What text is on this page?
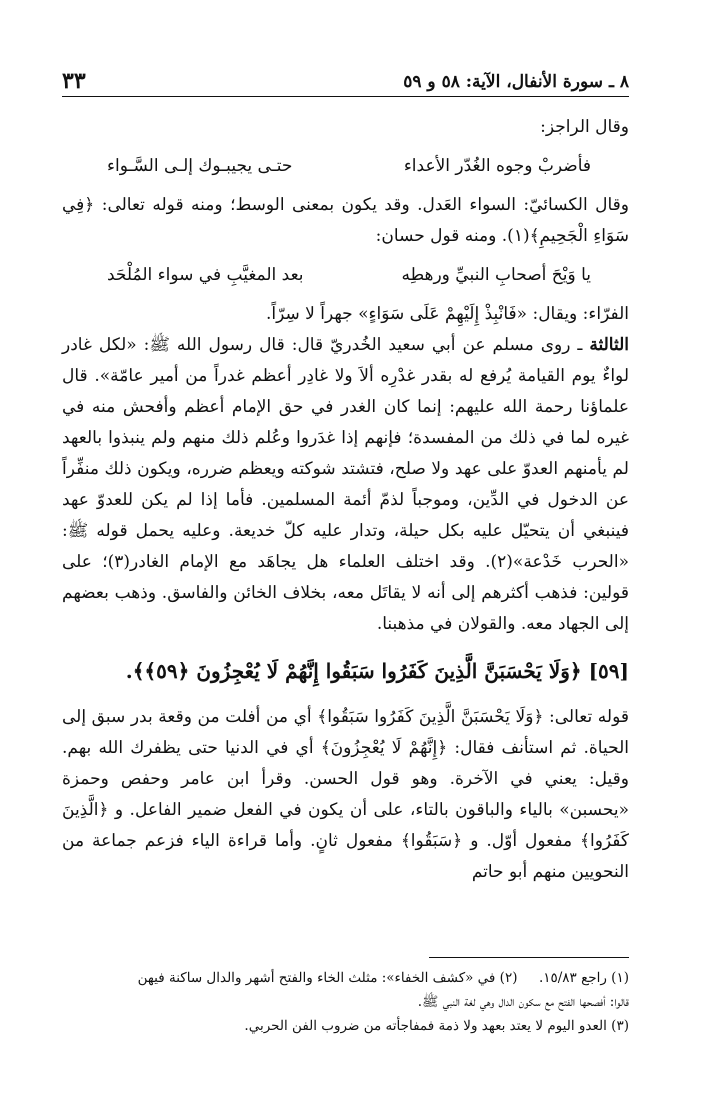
٨ ـ سورة الأنفال، الآية: ٥٨ و ٥٩
٣٣

وقال الراجز:

فأضربْ وجوه الغُدّر الأعداء
حتـى يجيبـوك إلـى السَّـواء

وقال الكسائيّ: السواء العَدل. وقد يكون بمعنى الوسط؛ ومنه قوله تعالى: ﴿فِي سَوَاءِ الْجَحِيمِ﴾(١). ومنه قول حسان:

يا وَيْحَ أصحابِ النبيِّ ورهطِه
بعد المغيَّبِ في سواء المُلْحَد

الفرّاء: ويقال: «فَانْبِذْ إِلَيْهِمْ عَلَى سَوَاءٍ» جهراً لا سِرّاً.

الثالثة ـ روى مسلم عن أبي سعيد الخُدريّ قال: قال رسول الله ﷺ: «لكل غادر لواءٌ يوم القيامة يُرفع له بقدر غدْرِه ألاَ ولا غادِر أعظم غدراً من أمير عامّة». قال علماؤنا رحمة الله عليهم: إنما كان الغدر في حق الإمام أعظم وأفحش منه في غيره لما في ذلك من المفسدة؛ فإنهم إذا غدَروا وعُلم ذلك منهم ولم ينبذوا بالعهد لم يأمنهم العدوّ على عهد ولا صلح، فتشتد شوكته ويعظم ضرره، ويكون ذلك منفِّراً عن الدخول في الدِّين، وموجباً لذمّ أئمة المسلمين. فأما إذا لم يكن للعدوّ عهد فينبغي أن يتحيّل عليه بكل حيلة، وتدار عليه كلّ خديعة. وعليه يحمل قوله ﷺ: «الحرب خَدْعة»(٢). وقد اختلف العلماء هل يجاهَد مع الإمام الغادر(٣)؛ على قولين: فذهب أكثرهم إلى أنه لا يقاتَل معه، بخلاف الخائن والفاسق. وذهب بعضهم إلى الجهاد معه. والقولان في مذهبنا.

[٥٩] ﴿وَلَا يَحْسَبَنَّ الَّذِينَ كَفَرُوا سَبَقُوا إِنَّهُمْ لَا يُعْجِزُونَ ﴿٥٩﴾﴾.

قوله تعالى: ﴿وَلَا يَحْسَبَنَّ الَّذِينَ كَفَرُوا سَبَقُوا﴾ أي من أفلت من وقعة بدر سبق إلى الحياة. ثم استأنف فقال: ﴿إِنَّهُمْ لَا يُعْجِزُونَ﴾ أي في الدنيا حتى يظفرك الله بهم. وقيل: يعني في الآخرة. وهو قول الحسن. وقرأ ابن عامر وحفص وحمزة «يحسبن» بالياء والباقون بالتاء، على أن يكون في الفعل ضمير الفاعل. و ﴿الَّذِينَ كَفَرُوا﴾ مفعول أوّل. و ﴿سَبَقُوا﴾ مفعول ثانٍ. وأما قراءة الياء فزعم جماعة من النحويين منهم أبو حاتم

(١) راجع ١٥/٨٣.     (٢) في «كشف الخفاء»: مثلث الخاء والفتح أشهر والدال ساكنة فيهن
قالوا: أفصحها الفتح مع سكون الدال وهي لغة النبي ﷺ.
(٣) العدو اليوم لا يعتد بعهد ولا ذمة فمفاجأته من ضروب الفن الحربي.
